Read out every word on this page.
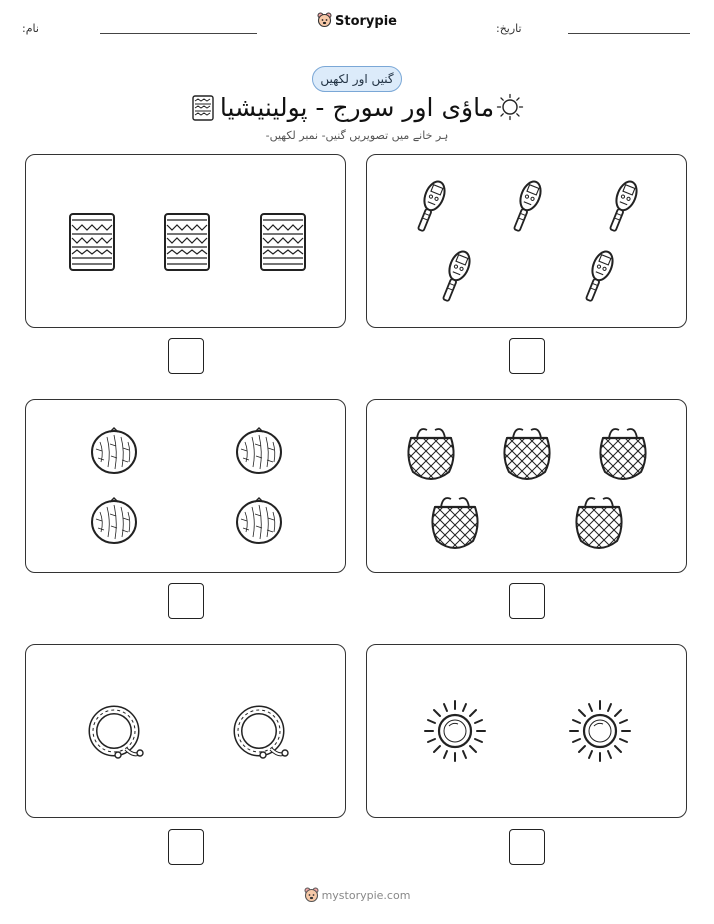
نام:	Storypie	تاریخ:
گنیں اور لکھیں
ماؤی اور سورج - پولینیشیا
ہر خانے میں تصویریں گنیں- نمبر لکھیں-
mystorypie.com
